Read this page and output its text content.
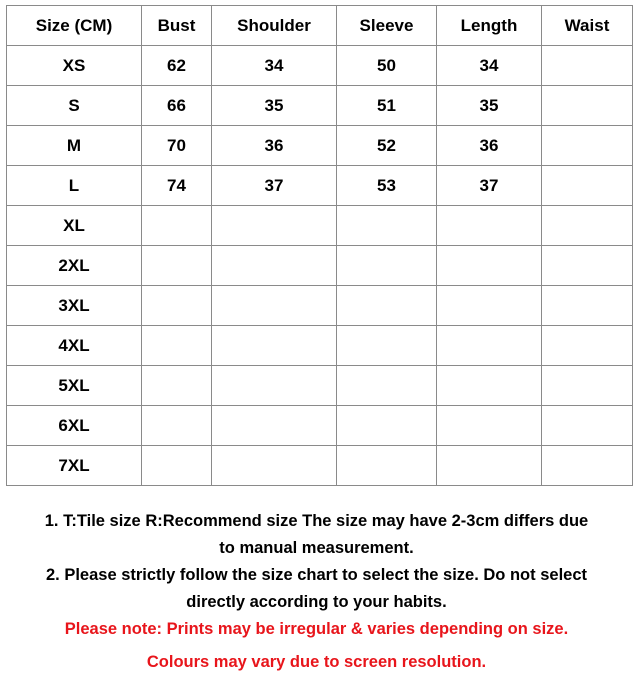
Size (CM)	Bust	Shoulder	Sleeve	Length	Waist
XS	62	34	50	34	
S	66	35	51	35	
M	70	36	52	36	
L	74	37	53	37	
XL					
2XL					
3XL					
4XL					
5XL					
6XL					
7XL					

1. T:Tile size R:Recommend size The size may have 2-3cm differs due

to manual measurement.

2. Please strictly follow the size chart to select the size. Do not select

directly according to your habits.

Please note: Prints may be irregular & varies depending on size.

Colours may vary due to screen resolution.
